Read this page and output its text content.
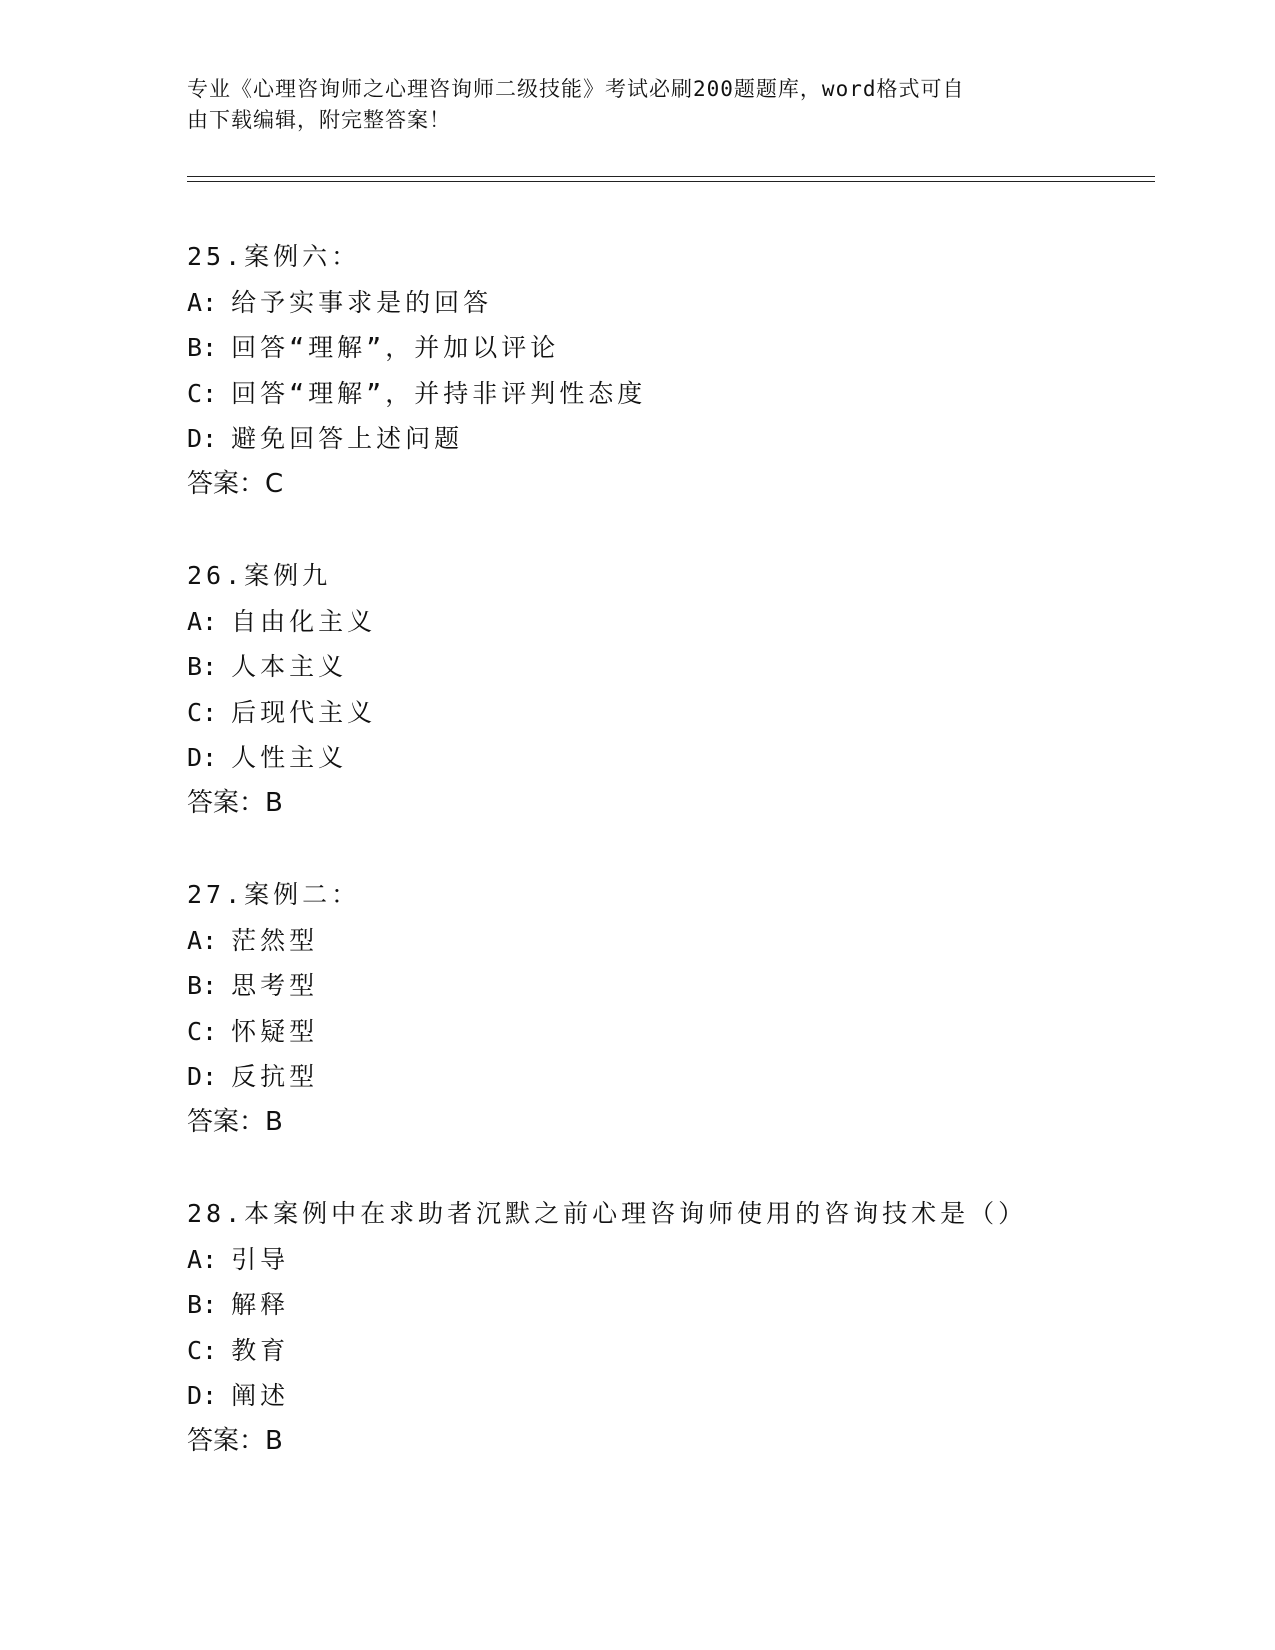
专业《心理咨询师之心理咨询师二级技能》考试必刷200题题库，word格式可自
由下载编辑，附完整答案！
25.案例六：
A: 给予实事求是的回答
B: 回答“理解”，并加以评论
C: 回答“理解”，并持非评判性态度
D: 避免回答上述问题
答案：C
26.案例九
A: 自由化主义
B: 人本主义
C: 后现代主义
D: 人性主义
答案：B
27.案例二：
A: 茫然型
B: 思考型
C: 怀疑型
D: 反抗型
答案：B
28.本案例中在求助者沉默之前心理咨询师使用的咨询技术是（）
A: 引导
B: 解释
C: 教育
D: 阐述
答案：B
